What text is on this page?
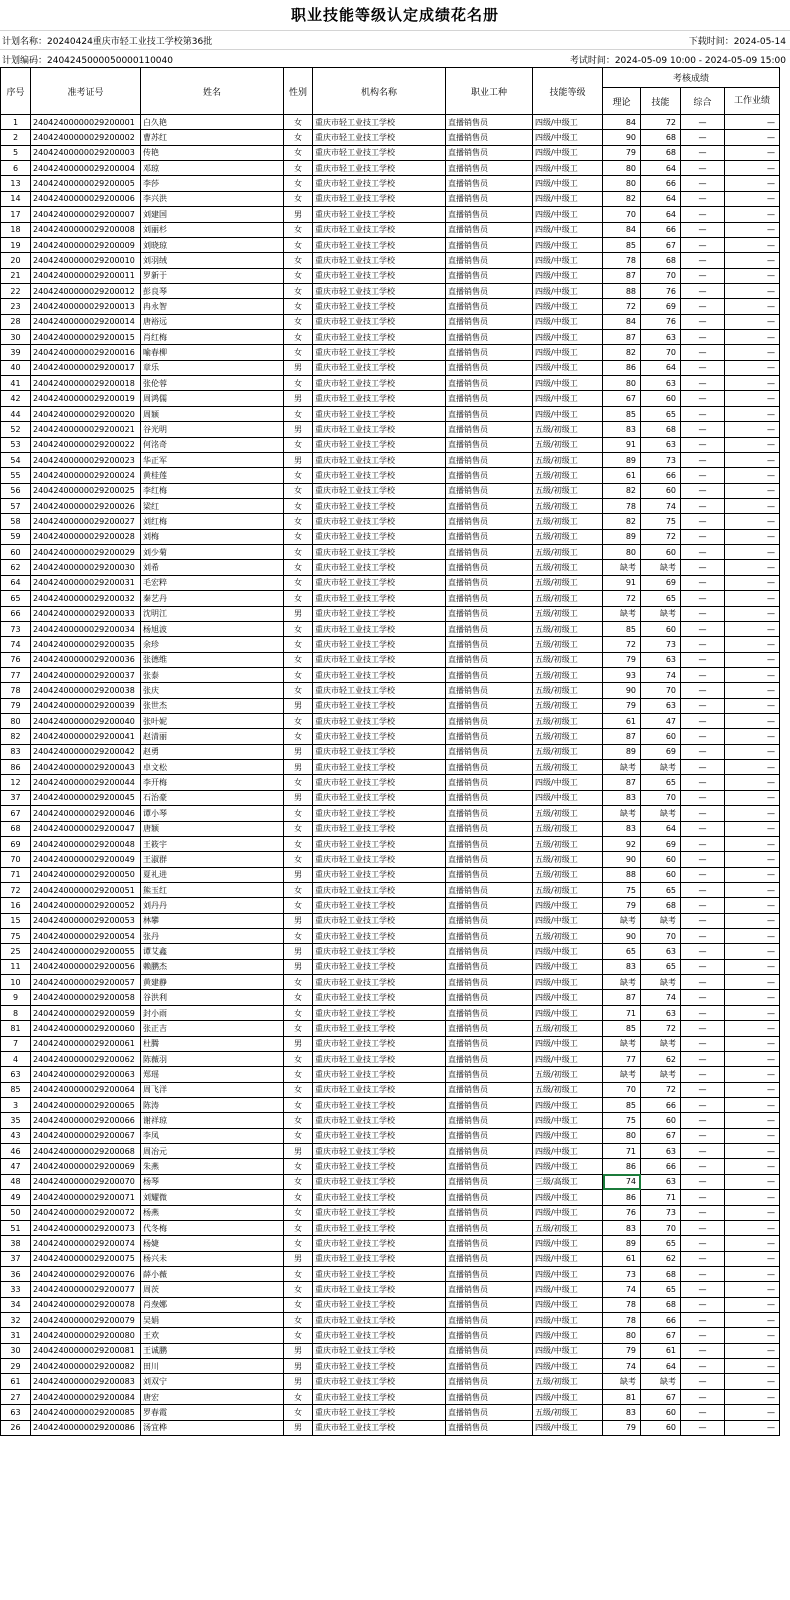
职业技能等级认定成绩花名册
计划名称：20240424重庆市轻工业技工学校第36批	下载时间：2024-05-14
计划编码：2404245000050000110040	考试时间：2024-05-09 10:00 - 2024-05-09 15:00
序号	准考证号	姓名	性别	机构名称	职业工种	技能等级	考核成绩			
							理论	技能	综合	工作业绩
1	24042400000029200001	白久艳	女	重庆市轻工业技工学校	直播销售员	四级/中级工	84	72	—	—
2	24042400000029200002	曹苏红	女	重庆市轻工业技工学校	直播销售员	四级/中级工	90	68	—	—
5	24042400000029200003	传艳	女	重庆市轻工业技工学校	直播销售员	四级/中级工	79	68	—	—
6	24042400000029200004	邓琼	女	重庆市轻工业技工学校	直播销售员	四级/中级工	80	64	—	—
13	24042400000029200005	李莎	女	重庆市轻工业技工学校	直播销售员	四级/中级工	80	66	—	—
14	24042400000029200006	李兴洪	女	重庆市轻工业技工学校	直播销售员	四级/中级工	82	64	—	—
17	24042400000029200007	刘建国	男	重庆市轻工业技工学校	直播销售员	四级/中级工	70	64	—	—
18	24042400000029200008	刘丽杉	女	重庆市轻工业技工学校	直播销售员	四级/中级工	84	66	—	—
19	24042400000029200009	刘晓琼	女	重庆市轻工业技工学校	直播销售员	四级/中级工	85	67	—	—
20	24042400000029200010	刘羽绒	女	重庆市轻工业技工学校	直播销售员	四级/中级工	78	68	—	—
21	24042400000029200011	罗新于	女	重庆市轻工业技工学校	直播销售员	四级/中级工	87	70	—	—
22	24042400000029200012	彭良琴	女	重庆市轻工业技工学校	直播销售员	四级/中级工	88	76	—	—
23	24042400000029200013	冉永智	女	重庆市轻工业技工学校	直播销售员	四级/中级工	72	69	—	—
28	24042400000029200014	唐裕远	女	重庆市轻工业技工学校	直播销售员	四级/中级工	84	76	—	—
30	24042400000029200015	肖红梅	女	重庆市轻工业技工学校	直播销售员	四级/中级工	87	63	—	—
39	24042400000029200016	喻春柳	女	重庆市轻工业技工学校	直播销售员	四级/中级工	82	70	—	—
40	24042400000029200017	章乐	男	重庆市轻工业技工学校	直播销售员	四级/中级工	86	64	—	—
41	24042400000029200018	张伦蓉	女	重庆市轻工业技工学校	直播销售员	四级/中级工	80	63	—	—
42	24042400000029200019	周鸿儒	男	重庆市轻工业技工学校	直播销售员	四级/中级工	67	60	—	—
44	24042400000029200020	周颖	女	重庆市轻工业技工学校	直播销售员	四级/中级工	85	65	—	—
52	24042400000029200021	谷光明	男	重庆市轻工业技工学校	直播销售员	五级/初级工	83	68	—	—
53	24042400000029200022	何洺奇	女	重庆市轻工业技工学校	直播销售员	五级/初级工	91	63	—	—
54	24042400000029200023	华正军	男	重庆市轻工业技工学校	直播销售员	五级/初级工	89	73	—	—
55	24042400000029200024	黄桂莲	女	重庆市轻工业技工学校	直播销售员	五级/初级工	61	66	—	—
56	24042400000029200025	李红梅	女	重庆市轻工业技工学校	直播销售员	五级/初级工	82	60	—	—
57	24042400000029200026	梁红	女	重庆市轻工业技工学校	直播销售员	五级/初级工	78	74	—	—
58	24042400000029200027	刘红梅	女	重庆市轻工业技工学校	直播销售员	五级/初级工	82	75	—	—
59	24042400000029200028	刘梅	女	重庆市轻工业技工学校	直播销售员	五级/初级工	89	72	—	—
60	24042400000029200029	刘少菊	女	重庆市轻工业技工学校	直播销售员	五级/初级工	80	60	—	—
62	24042400000029200030	刘希	女	重庆市轻工业技工学校	直播销售员	五级/初级工	缺考	缺考	—	—
64	24042400000029200031	毛宏粹	女	重庆市轻工业技工学校	直播销售员	五级/初级工	91	69	—	—
65	24042400000029200032	秦艺丹	女	重庆市轻工业技工学校	直播销售员	五级/初级工	72	65	—	—
66	24042400000029200033	沈明江	男	重庆市轻工业技工学校	直播销售员	五级/初级工	缺考	缺考	—	—
73	24042400000029200034	杨旭波	女	重庆市轻工业技工学校	直播销售员	五级/初级工	85	60	—	—
74	24042400000029200035	余珍	女	重庆市轻工业技工学校	直播销售员	五级/初级工	72	73	—	—
76	24042400000029200036	张德维	女	重庆市轻工业技工学校	直播销售员	五级/初级工	79	63	—	—
77	24042400000029200037	张泰	女	重庆市轻工业技工学校	直播销售员	五级/初级工	93	74	—	—
78	24042400000029200038	张庆	女	重庆市轻工业技工学校	直播销售员	五级/初级工	90	70	—	—
79	24042400000029200039	张世杰	男	重庆市轻工业技工学校	直播销售员	五级/初级工	79	63	—	—
80	24042400000029200040	张叶妮	女	重庆市轻工业技工学校	直播销售员	五级/初级工	61	47	—	—
82	24042400000029200041	赵清丽	女	重庆市轻工业技工学校	直播销售员	五级/初级工	87	60	—	—
83	24042400000029200042	赵勇	男	重庆市轻工业技工学校	直播销售员	五级/初级工	89	69	—	—
86	24042400000029200043	卓文松	男	重庆市轻工业技工学校	直播销售员	五级/初级工	缺考	缺考	—	—
12	24042400000029200044	李开梅	女	重庆市轻工业技工学校	直播销售员	四级/中级工	87	65	—	—
37	24042400000029200045	石治豪	男	重庆市轻工业技工学校	直播销售员	四级/中级工	83	70	—	—
67	24042400000029200046	谭小琴	女	重庆市轻工业技工学校	直播销售员	五级/初级工	缺考	缺考	—	—
68	24042400000029200047	唐颖	女	重庆市轻工业技工学校	直播销售员	五级/初级工	83	64	—	—
69	24042400000029200048	王筱宇	女	重庆市轻工业技工学校	直播销售员	五级/初级工	92	69	—	—
70	24042400000029200049	王淑群	女	重庆市轻工业技工学校	直播销售员	五级/初级工	90	60	—	—
71	24042400000029200050	夏礼进	男	重庆市轻工业技工学校	直播销售员	五级/初级工	88	60	—	—
72	24042400000029200051	熊玉红	女	重庆市轻工业技工学校	直播销售员	五级/初级工	75	65	—	—
16	24042400000029200052	刘丹丹	女	重庆市轻工业技工学校	直播销售员	四级/中级工	79	68	—	—
15	24042400000029200053	林攀	男	重庆市轻工业技工学校	直播销售员	四级/中级工	缺考	缺考	—	—
75	24042400000029200054	张丹	女	重庆市轻工业技工学校	直播销售员	五级/初级工	90	70	—	—
25	24042400000029200055	谭艾鑫	男	重庆市轻工业技工学校	直播销售员	四级/中级工	65	63	—	—
11	24042400000029200056	赖鹏杰	男	重庆市轻工业技工学校	直播销售员	四级/中级工	83	65	—	—
10	24042400000029200057	黄建静	女	重庆市轻工业技工学校	直播销售员	四级/中级工	缺考	缺考	—	—
9	24042400000029200058	谷洪利	女	重庆市轻工业技工学校	直播销售员	四级/中级工	87	74	—	—
8	24042400000029200059	封小雨	女	重庆市轻工业技工学校	直播销售员	四级/中级工	71	63	—	—
81	24042400000029200060	张正吉	女	重庆市轻工业技工学校	直播销售员	五级/初级工	85	72	—	—
7	24042400000029200061	杜腾	男	重庆市轻工业技工学校	直播销售员	四级/中级工	缺考	缺考	—	—
4	24042400000029200062	陈薇羽	女	重庆市轻工业技工学校	直播销售员	四级/中级工	77	62	—	—
63	24042400000029200063	郑瑶	女	重庆市轻工业技工学校	直播销售员	五级/初级工	缺考	缺考	—	—
85	24042400000029200064	周飞洋	女	重庆市轻工业技工学校	直播销售员	五级/初级工	70	72	—	—
3	24042400000029200065	陈涛	女	重庆市轻工业技工学校	直播销售员	四级/中级工	85	66	—	—
35	24042400000029200066	谢祥琼	女	重庆市轻工业技工学校	直播销售员	四级/中级工	75	60	—	—
43	24042400000029200067	李凤	女	重庆市轻工业技工学校	直播销售员	四级/中级工	80	67	—	—
46	24042400000029200068	周冶元	男	重庆市轻工业技工学校	直播销售员	四级/中级工	71	63	—	—
47	24042400000029200069	朱燕	女	重庆市轻工业技工学校	直播销售员	四级/中级工	86	66	—	—
48	24042400000029200070	杨琴	女	重庆市轻工业技工学校	直播销售员	三级/高级工	74	63	—	—
49	24042400000029200071	刘耀微	女	重庆市轻工业技工学校	直播销售员	四级/中级工	86	71	—	—
50	24042400000029200072	杨燕	女	重庆市轻工业技工学校	直播销售员	四级/中级工	76	73	—	—
51	24042400000029200073	代冬梅	女	重庆市轻工业技工学校	直播销售员	五级/初级工	83	70	—	—
38	24042400000029200074	杨婕	女	重庆市轻工业技工学校	直播销售员	四级/中级工	89	65	—	—
37	24042400000029200075	杨兴未	男	重庆市轻工业技工学校	直播销售员	四级/中级工	61	62	—	—
36	24042400000029200076	薛小薇	女	重庆市轻工业技工学校	直播销售员	四级/中级工	73	68	—	—
33	24042400000029200077	周茨	女	重庆市轻工业技工学校	直播销售员	四级/中级工	74	65	—	—
34	24042400000029200078	肖焘娜	女	重庆市轻工业技工学校	直播销售员	四级/中级工	78	68	—	—
32	24042400000029200079	吴娟	女	重庆市轻工业技工学校	直播销售员	四级/中级工	78	66	—	—
31	24042400000029200080	王欢	女	重庆市轻工业技工学校	直播销售员	四级/中级工	80	67	—	—
30	24042400000029200081	王诚鹏	男	重庆市轻工业技工学校	直播销售员	四级/中级工	79	61	—	—
29	24042400000029200082	田川	男	重庆市轻工业技工学校	直播销售员	四级/中级工	74	64	—	—
61	24042400000029200083	刘双宁	男	重庆市轻工业技工学校	直播销售员	五级/初级工	缺考	缺考	—	—
27	24042400000029200084	唐宏	女	重庆市轻工业技工学校	直播销售员	四级/中级工	81	67	—	—
63	24042400000029200085	罗春霞	女	重庆市轻工业技工学校	直播销售员	五级/初级工	83	60	—	—
26	24042400000029200086	汤宜桦	男	重庆市轻工业技工学校	直播销售员	四级/中级工	79	60	—	—
